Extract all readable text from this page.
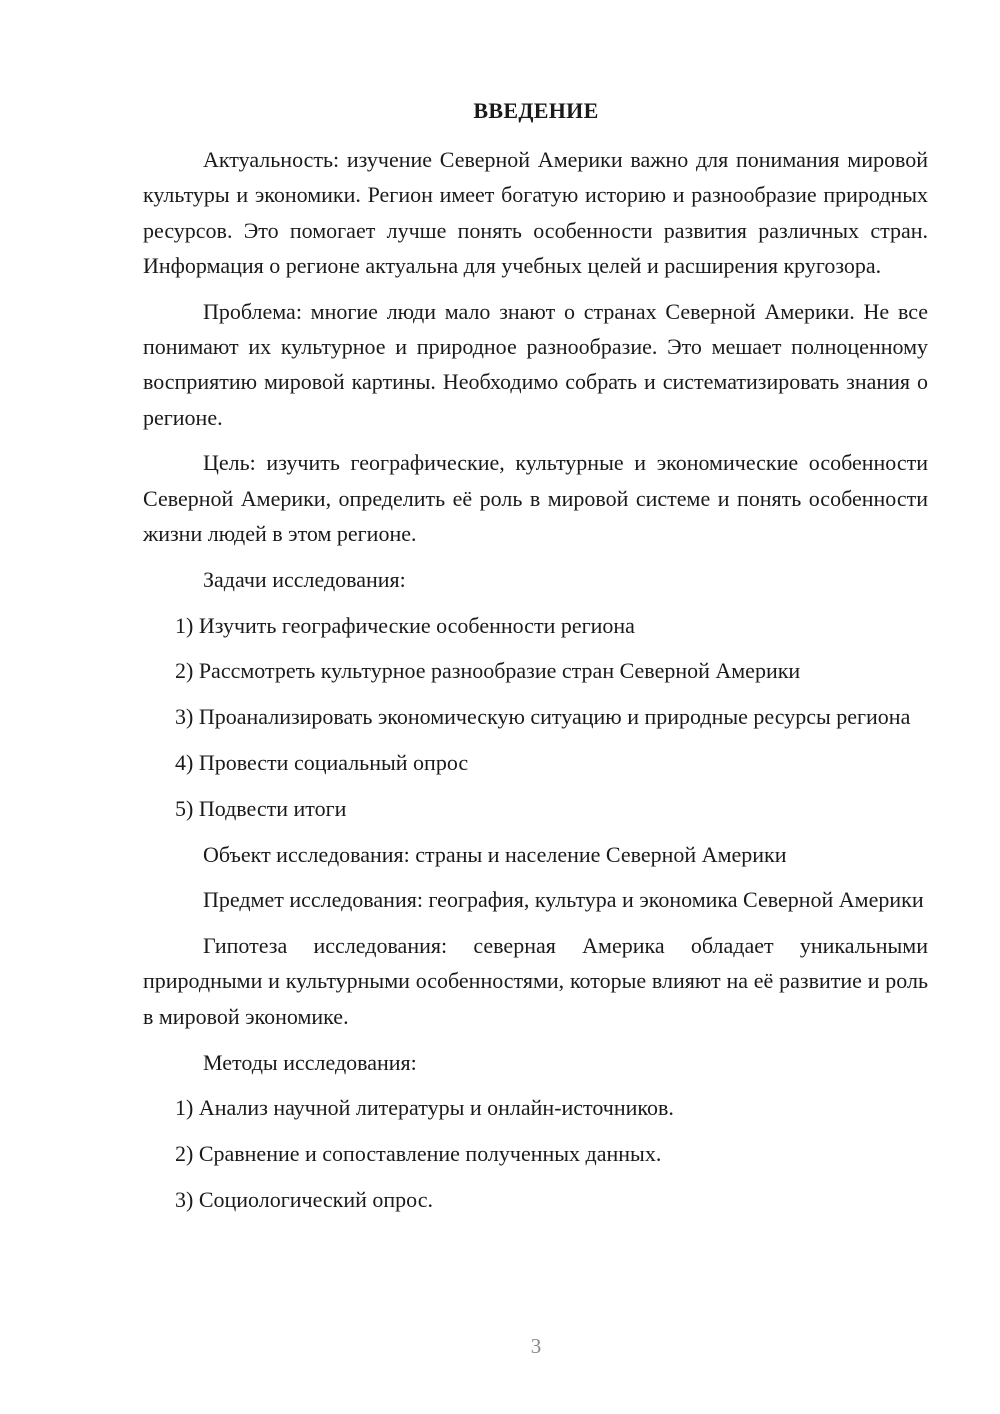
ВВЕДЕНИЕ

Актуальность: изучение Северной Америки важно для понимания мировой культуры и экономики. Регион имеет богатую историю и разнообразие природных ресурсов. Это помогает лучше понять особенности развития различных стран. Информация о регионе актуальна для учебных целей и расширения кругозора.

Проблема: многие люди мало знают о странах Северной Америки. Не все понимают их культурное и природное разнообразие. Это мешает полноценному восприятию мировой картины. Необходимо собрать и систематизировать знания о регионе.

Цель: изучить географические, культурные и экономические особенности Северной Америки, определить её роль в мировой системе и понять особенности жизни людей в этом регионе.

Задачи исследования:

1) Изучить географические особенности региона

2) Рассмотреть культурное разнообразие стран Северной Америки

3) Проанализировать экономическую ситуацию и природные ресурсы региона

4) Провести социальный опрос

5) Подвести итоги

Объект исследования: страны и население Северной Америки

Предмет исследования: география, культура и экономика Северной Америки

Гипотеза исследования: северная Америка обладает уникальными природными и культурными особенностями, которые влияют на её развитие и роль в мировой экономике.

Методы исследования:

1) Анализ научной литературы и онлайн-источников.

2) Сравнение и сопоставление полученных данных.

3) Социологический опрос.

3
